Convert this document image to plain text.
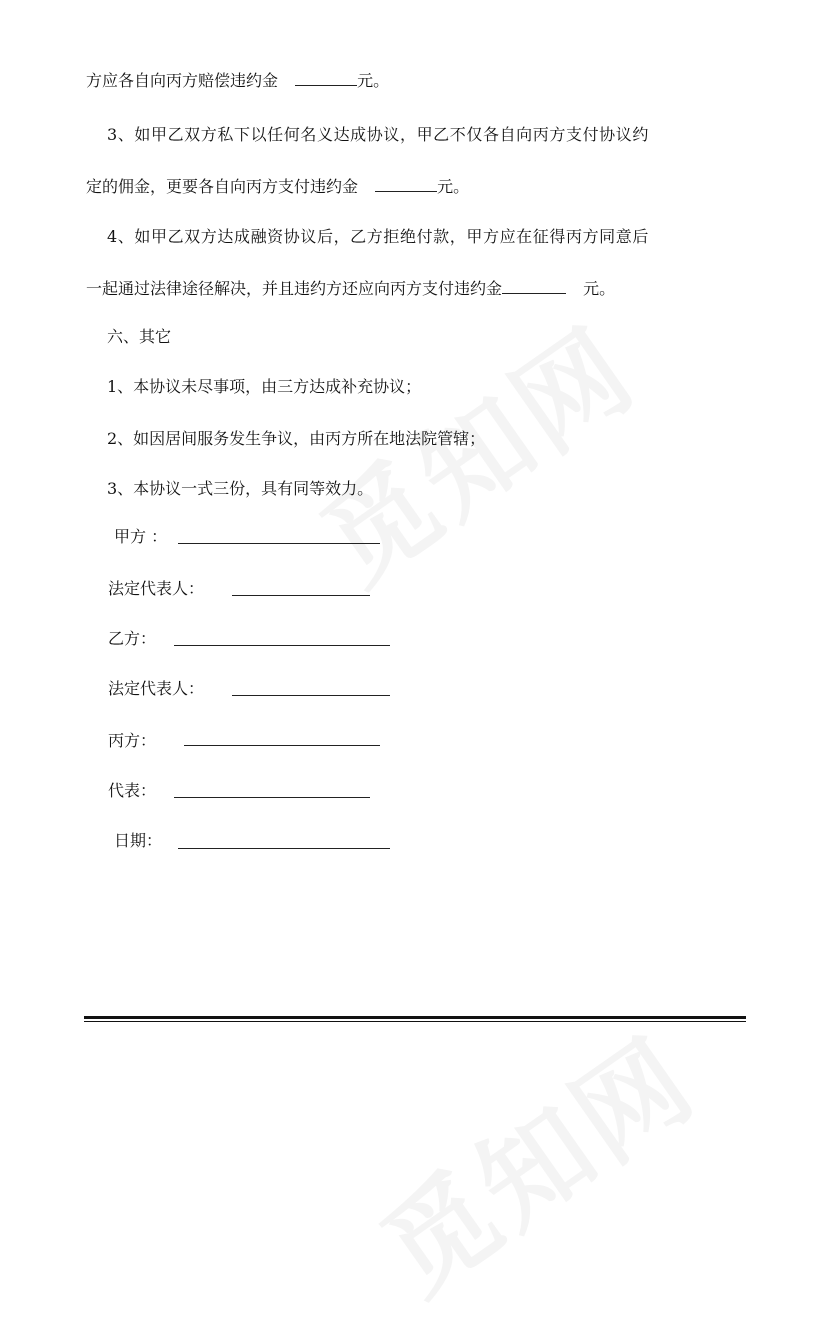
方应各自向丙方赔偿违约金	元。
3、如甲乙双方私下以任何名义达成协议，甲乙不仅各自向丙方支付协议约
定的佣金，更要各自向丙方支付违约金	元。
4、如甲乙双方达成融资协议后，乙方拒绝付款，甲方应在征得丙方同意后
一起通过法律途径解决，并且违约方还应向丙方支付违约金	元。
六、其它
1、本协议未尽事项，由三方达成补充协议；
2、如因居间服务发生争议，由丙方所在地法院管辖；
3、本协议一式三份，具有同等效力。
甲方 ：
法定代表人：
乙方：
法定代表人：
丙方：
代表：
日期：
